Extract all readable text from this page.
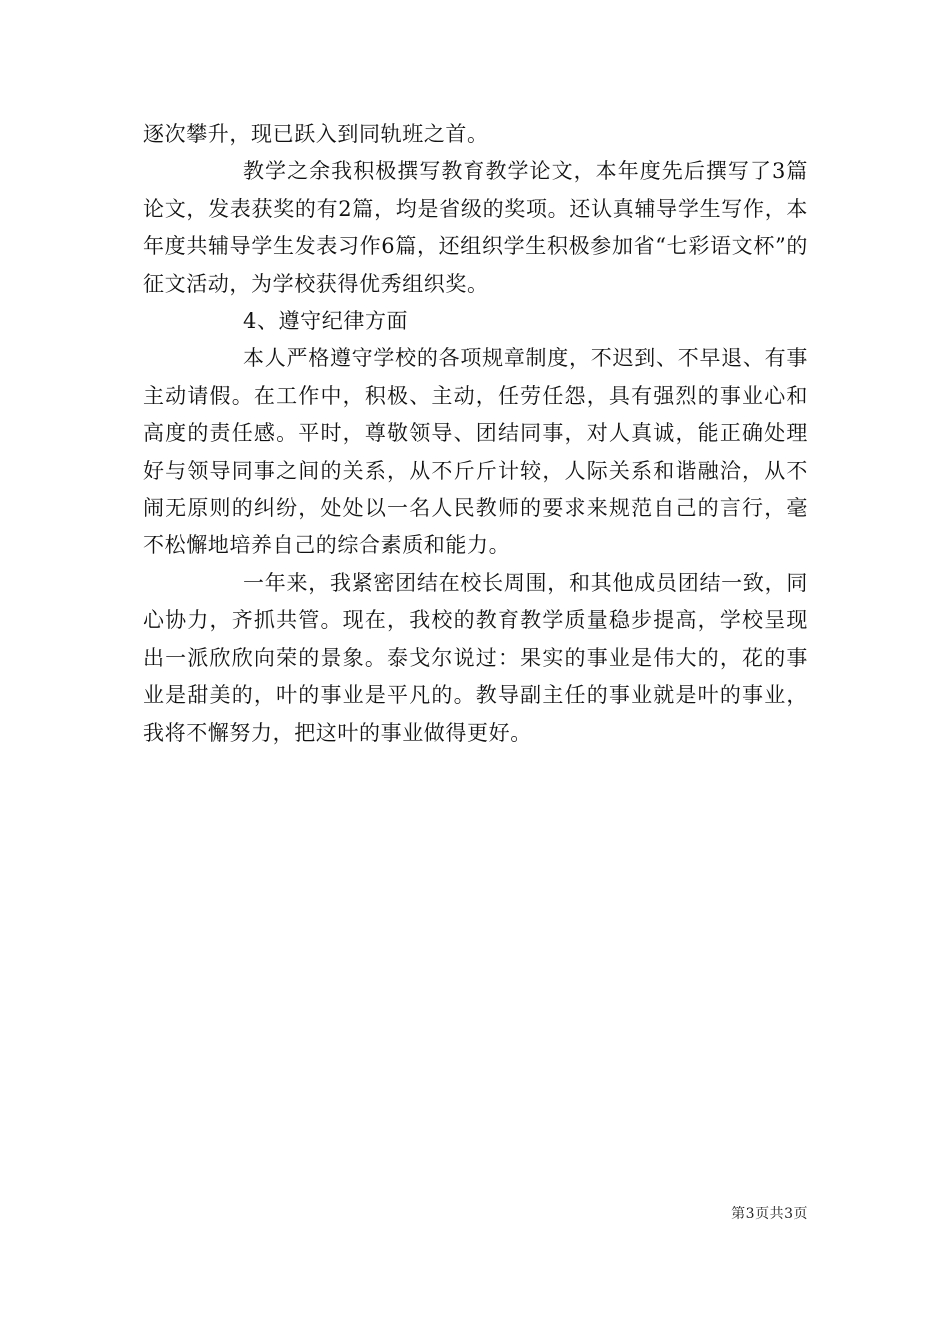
逐次攀升，现已跃入到同轨班之首。

教学之余我积极撰写教育教学论文，本年度先后撰写了3篇论文，发表获奖的有2篇，均是省级的奖项。还认真辅导学生写作，本年度共辅导学生发表习作6篇，还组织学生积极参加省“七彩语文杯”的征文活动，为学校获得优秀组织奖。

4、遵守纪律方面

本人严格遵守学校的各项规章制度，不迟到、不早退、有事主动请假。在工作中，积极、主动，任劳任怨，具有强烈的事业心和高度的责任感。平时，尊敬领导、团结同事，对人真诚，能正确处理好与领导同事之间的关系，从不斤斤计较，人际关系和谐融洽，从不闹无原则的纠纷，处处以一名人民教师的要求来规范自己的言行，毫不松懈地培养自己的综合素质和能力。

一年来，我紧密团结在校长周围，和其他成员团结一致，同心协力，齐抓共管。现在，我校的教育教学质量稳步提高，学校呈现出一派欣欣向荣的景象。泰戈尔说过：果实的事业是伟大的，花的事业是甜美的，叶的事业是平凡的。教导副主任的事业就是叶的事业，我将不懈努力，把这叶的事业做得更好。

第3页共3页
